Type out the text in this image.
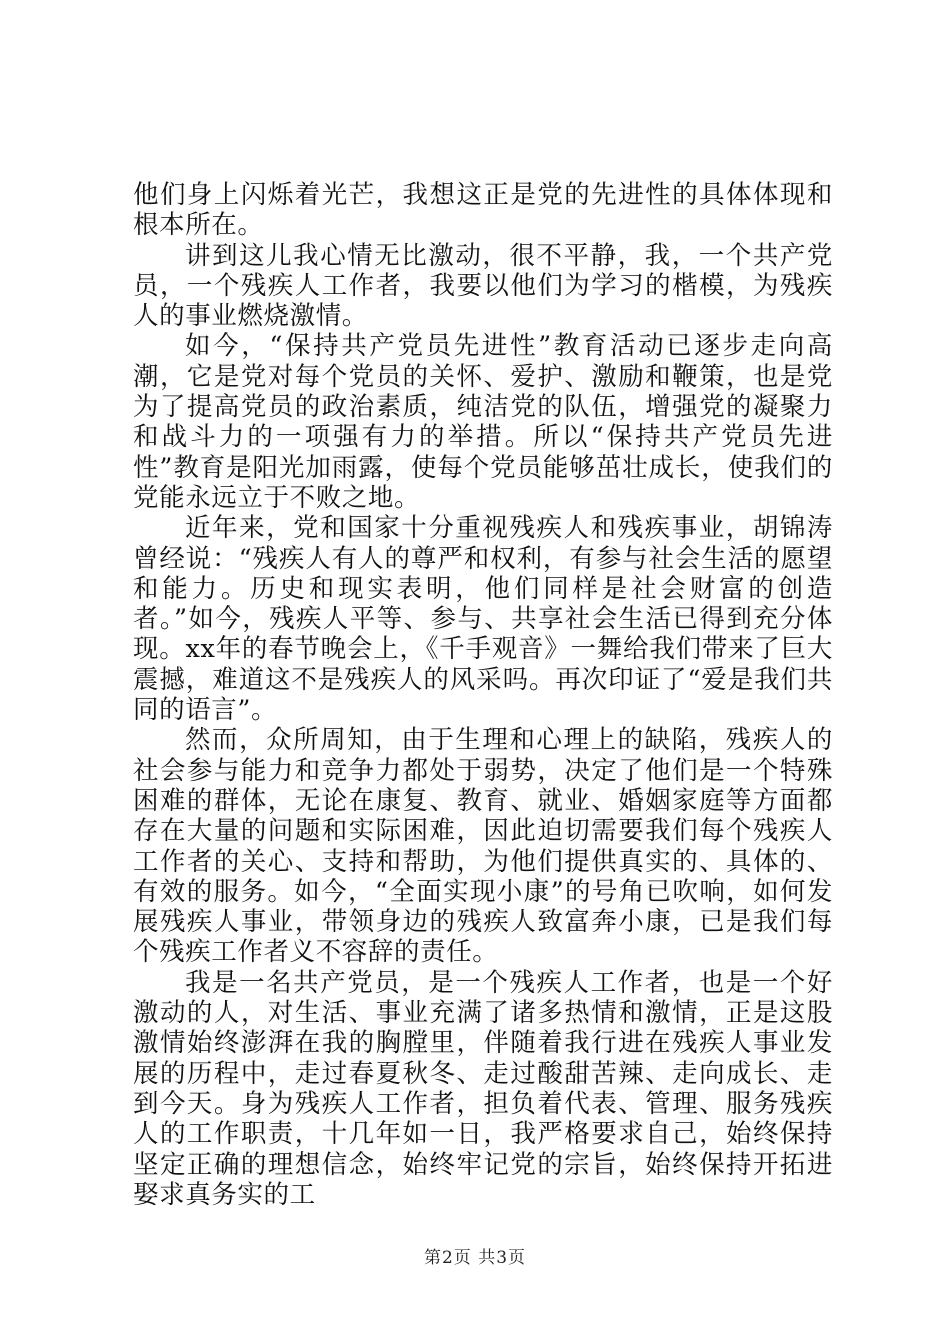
他们身上闪烁着光芒，我想这正是党的先进性的具体体现和根本所在。

讲到这儿我心情无比激动，很不平静，我，一个共产党员，一个残疾人工作者，我要以他们为学习的楷模，为残疾人的事业燃烧激情。

如今，“保持共产党员先进性”教育活动已逐步走向高潮，它是党对每个党员的关怀、爱护、激励和鞭策，也是党为了提高党员的政治素质，纯洁党的队伍，增强党的凝聚力和战斗力的一项强有力的举措。所以“保持共产党员先进性”教育是阳光加雨露，使每个党员能够茁壮成长，使我们的党能永远立于不败之地。

近年来，党和国家十分重视残疾人和残疾事业，胡锦涛曾经说：“残疾人有人的尊严和权利，有参与社会生活的愿望和能力。历史和现实表明，他们同样是社会财富的创造者。”如今，残疾人平等、参与、共享社会生活已得到充分体现。xx年的春节晚会上，《千手观音》一舞给我们带来了巨大震撼，难道这不是残疾人的风采吗。再次印证了“爱是我们共同的语言”。

然而，众所周知，由于生理和心理上的缺陷，残疾人的社会参与能力和竞争力都处于弱势，决定了他们是一个特殊困难的群体，无论在康复、教育、就业、婚姻家庭等方面都存在大量的问题和实际困难，因此迫切需要我们每个残疾人工作者的关心、支持和帮助，为他们提供真实的、具体的、有效的服务。如今，“全面实现小康”的号角已吹响，如何发展残疾人事业，带领身边的残疾人致富奔小康，已是我们每个残疾工作者义不容辞的责任。

我是一名共产党员，是一个残疾人工作者，也是一个好激动的人，对生活、事业充满了诸多热情和激情，正是这股激情始终澎湃在我的胸膛里，伴随着我行进在残疾人事业发展的历程中，走过春夏秋冬、走过酸甜苦辣、走向成长、走到今天。身为残疾人工作者，担负着代表、管理、服务残疾人的工作职责，十几年如一日，我严格要求自己，始终保持坚定正确的理想信念，始终牢记党的宗旨，始终保持开拓进娶求真务实的工

第2页 共3页
